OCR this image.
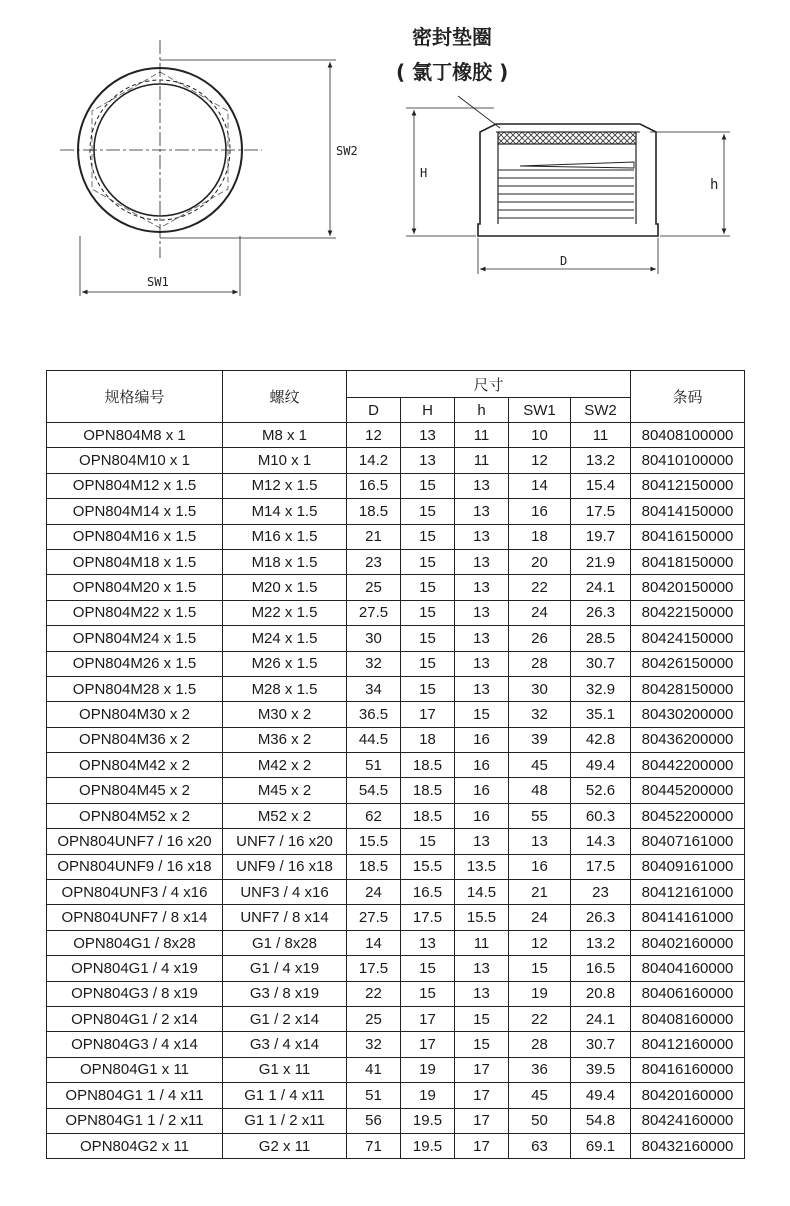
SW1
SW2
密封垫圈
( 氯丁橡胶 )
H
h
D
规格编号	螺纹	尺寸					条码
		D	H	h	SW1	SW2	
OPN804M8 x 1	M8 x 1	12	13	11	10	11	80408100000
OPN804M10 x 1	M10 x 1	14.2	13	11	12	13.2	80410100000
OPN804M12 x 1.5	M12 x 1.5	16.5	15	13	14	15.4	80412150000
OPN804M14 x 1.5	M14 x 1.5	18.5	15	13	16	17.5	80414150000
OPN804M16 x 1.5	M16 x 1.5	21	15	13	18	19.7	80416150000
OPN804M18 x 1.5	M18 x 1.5	23	15	13	20	21.9	80418150000
OPN804M20 x 1.5	M20 x 1.5	25	15	13	22	24.1	80420150000
OPN804M22 x 1.5	M22 x 1.5	27.5	15	13	24	26.3	80422150000
OPN804M24 x 1.5	M24 x 1.5	30	15	13	26	28.5	80424150000
OPN804M26 x 1.5	M26 x 1.5	32	15	13	28	30.7	80426150000
OPN804M28 x 1.5	M28 x 1.5	34	15	13	30	32.9	80428150000
OPN804M30 x 2	M30 x 2	36.5	17	15	32	35.1	80430200000
OPN804M36 x 2	M36 x 2	44.5	18	16	39	42.8	80436200000
OPN804M42 x 2	M42 x 2	51	18.5	16	45	49.4	80442200000
OPN804M45 x 2	M45 x 2	54.5	18.5	16	48	52.6	80445200000
OPN804M52 x 2	M52 x 2	62	18.5	16	55	60.3	80452200000
OPN804UNF7 / 16 x20	UNF7 / 16 x20	15.5	15	13	13	14.3	80407161000
OPN804UNF9 / 16 x18	UNF9 / 16 x18	18.5	15.5	13.5	16	17.5	80409161000
OPN804UNF3 / 4 x16	UNF3 / 4 x16	24	16.5	14.5	21	23	80412161000
OPN804UNF7 / 8 x14	UNF7 / 8 x14	27.5	17.5	15.5	24	26.3	80414161000
OPN804G1 / 8x28	G1 / 8x28	14	13	11	12	13.2	80402160000
OPN804G1 / 4 x19	G1 / 4 x19	17.5	15	13	15	16.5	80404160000
OPN804G3 / 8 x19	G3 / 8 x19	22	15	13	19	20.8	80406160000
OPN804G1 / 2 x14	G1 / 2 x14	25	17	15	22	24.1	80408160000
OPN804G3 / 4 x14	G3 / 4 x14	32	17	15	28	30.7	80412160000
OPN804G1 x 11	G1 x 11	41	19	17	36	39.5	80416160000
OPN804G1 1 / 4 x11	G1 1 / 4 x11	51	19	17	45	49.4	80420160000
OPN804G1 1 / 2 x11	G1 1 / 2 x11	56	19.5	17	50	54.8	80424160000
OPN804G2 x 11	G2 x 11	71	19.5	17	63	69.1	80432160000
